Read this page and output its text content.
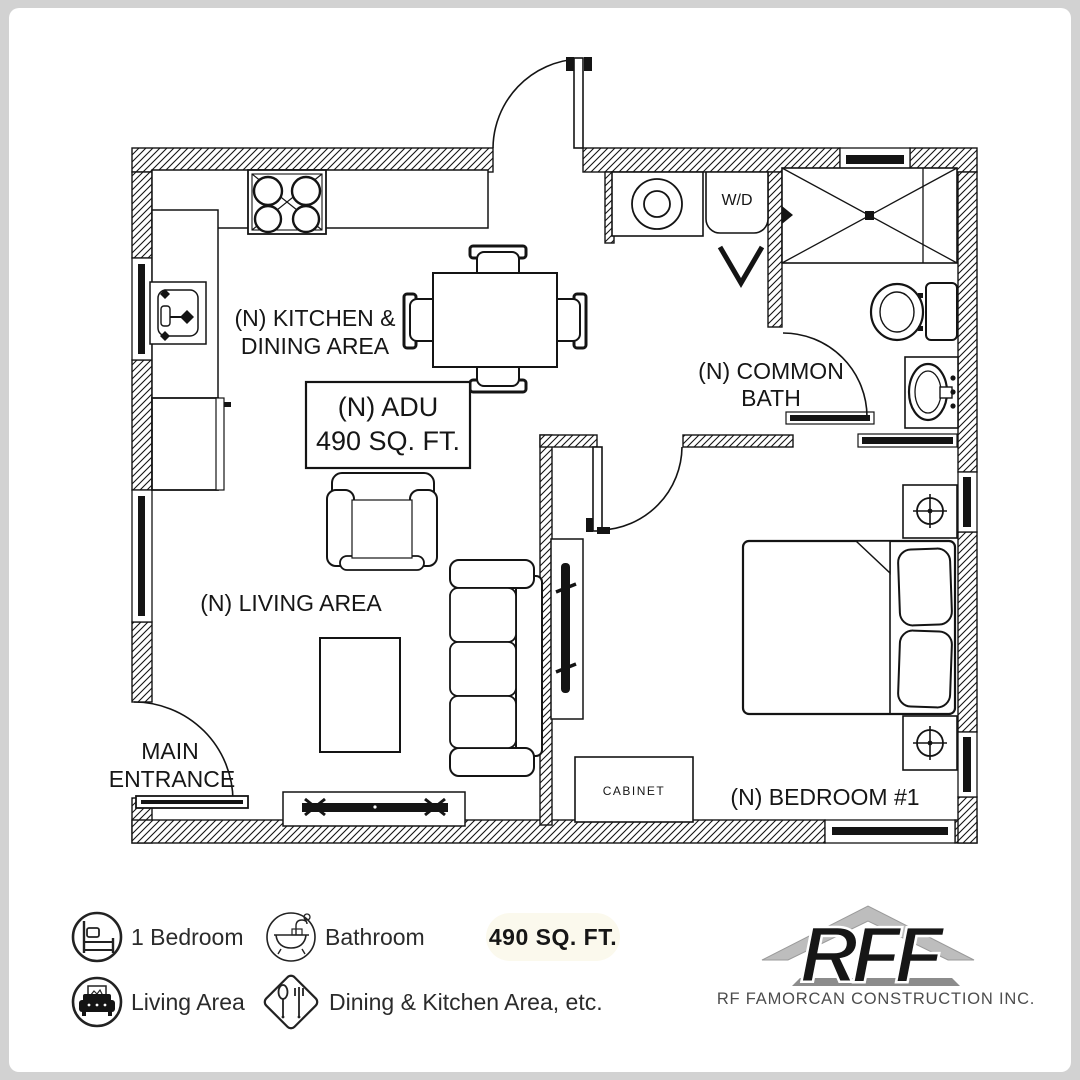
(N) KITCHEN &
DINING AREA
(N) ADU
490 SQ. FT.
(N) COMMON
BATH
(N) LIVING AREA
MAIN
ENTRANCE
(N) BEDROOM #1
CABINET
W/D
1 Bedroom	Bathroom	490 SQ. FT.
Living Area	Dining & Kitchen Area, etc.
RFF
RF FAMORCAN CONSTRUCTION INC.
